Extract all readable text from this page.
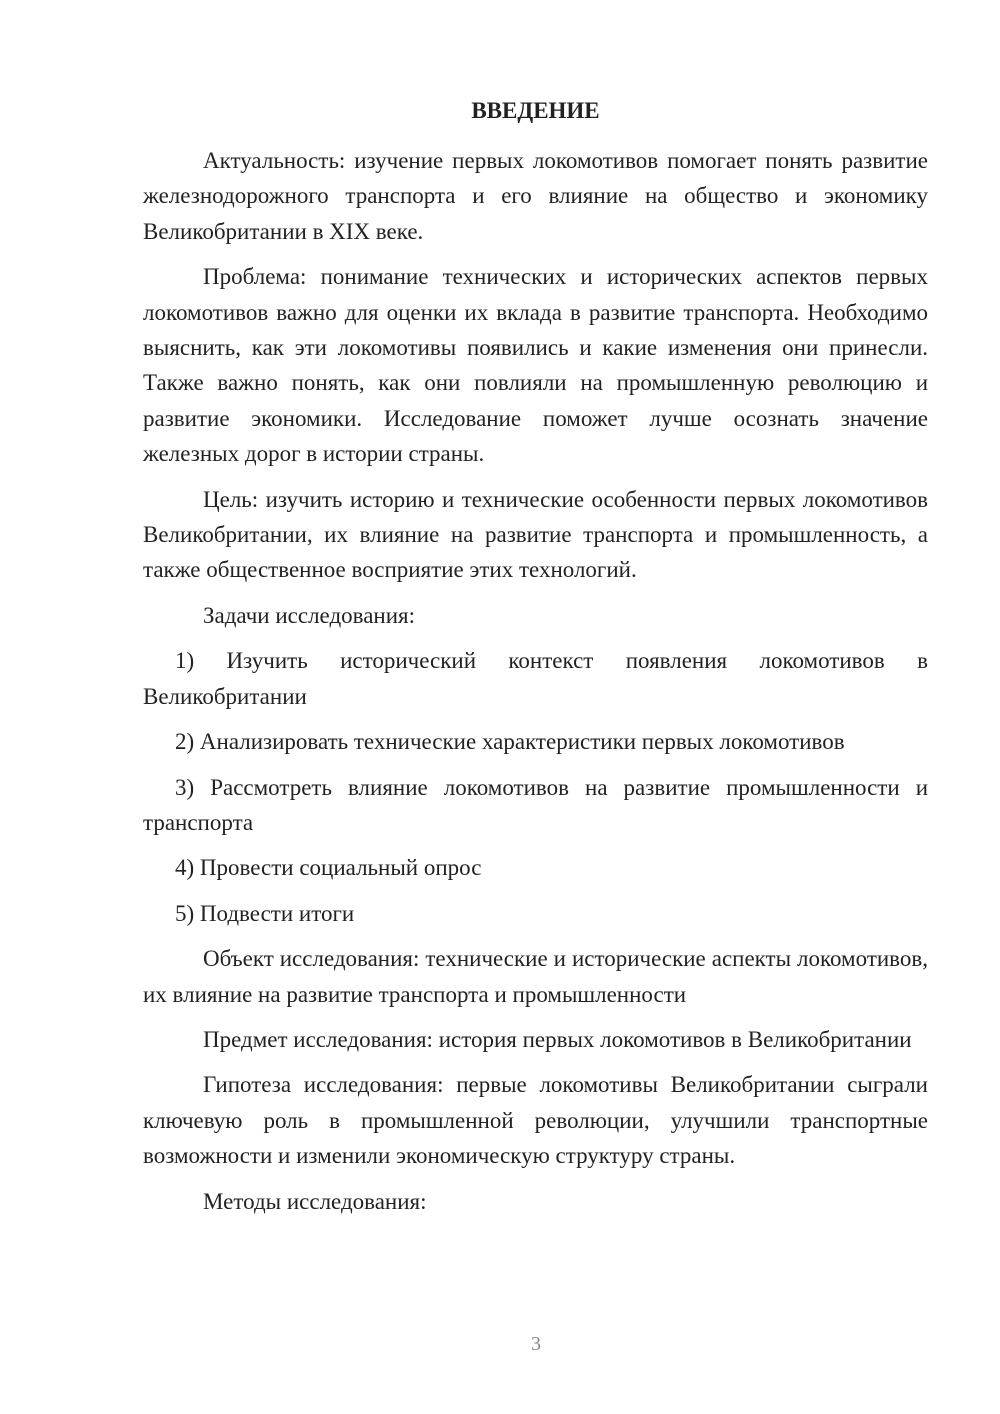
ВВЕДЕНИЕ

Актуальность: изучение первых локомотивов помогает понять развитие железнодорожного транспорта и его влияние на общество и экономику Великобритании в XIX веке.

Проблема: понимание технических и исторических аспектов первых локомотивов важно для оценки их вклада в развитие транспорта. Необходимо выяснить, как эти локомотивы появились и какие изменения они принесли. Также важно понять, как они повлияли на промышленную революцию и развитие экономики. Исследование поможет лучше осознать значение железных дорог в истории страны.

Цель: изучить историю и технические особенности первых локомотивов Великобритании, их влияние на развитие транспорта и промышленность, а также общественное восприятие этих технологий.

Задачи исследования:

1) Изучить исторический контекст появления локомотивов в Великобритании

2) Анализировать технические характеристики первых локомотивов

3) Рассмотреть влияние локомотивов на развитие промышленности и транспорта

4) Провести социальный опрос

5) Подвести итоги

Объект исследования: технические и исторические аспекты локомотивов, их влияние на развитие транспорта и промышленности

Предмет исследования: история первых локомотивов в Великобритании

Гипотеза исследования: первые локомотивы Великобритании сыграли ключевую роль в промышленной революции, улучшили транспортные возможности и изменили экономическую структуру страны.

Методы исследования:

3
